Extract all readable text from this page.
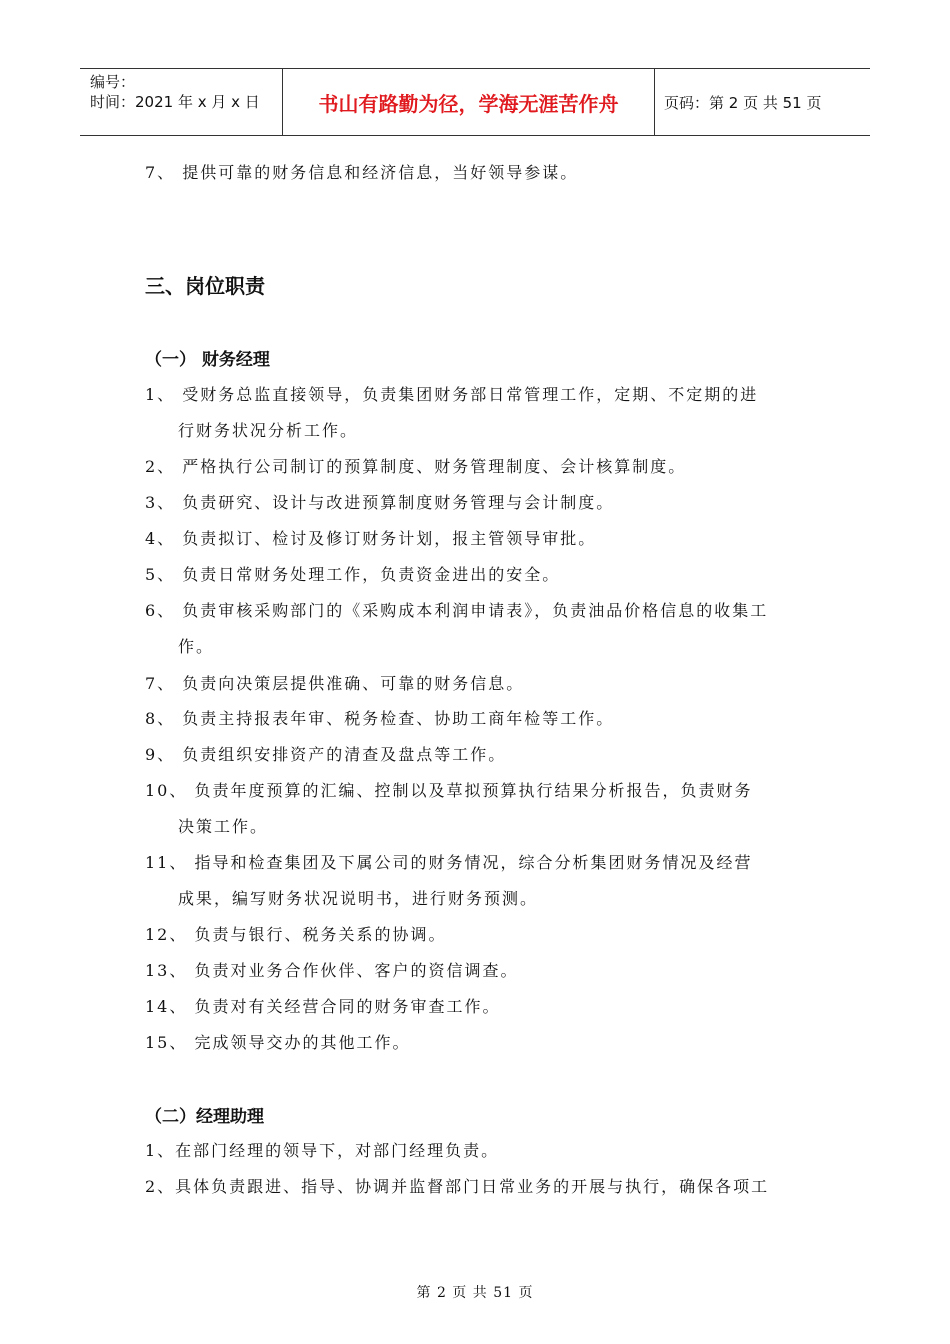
编号：
时间：2021 年 x 月 x 日	书山有路勤为径，学海无涯苦作舟	页码：第 2 页 共 51 页
7、 提供可靠的财务信息和经济信息，当好领导参谋。
三、岗位职责
（一） 财务经理
1、 受财务总监直接领导，负责集团财务部日常管理工作，定期、不定期的进
行财务状况分析工作。
2、 严格执行公司制订的预算制度、财务管理制度、会计核算制度。
3、 负责研究、设计与改进预算制度财务管理与会计制度。
4、 负责拟订、检讨及修订财务计划，报主管领导审批。
5、 负责日常财务处理工作，负责资金进出的安全。
6、 负责审核采购部门的《采购成本利润申请表》，负责油品价格信息的收集工
作。
7、 负责向决策层提供准确、可靠的财务信息。
8、 负责主持报表年审、税务检查、协助工商年检等工作。
9、 负责组织安排资产的清查及盘点等工作。
10、 负责年度预算的汇编、控制以及草拟预算执行结果分析报告，负责财务
决策工作。
11、 指导和检查集团及下属公司的财务情况，综合分析集团财务情况及经营
成果，编写财务状况说明书，进行财务预测。
12、 负责与银行、税务关系的协调。
13、 负责对业务合作伙伴、客户的资信调查。
14、 负责对有关经营合同的财务审查工作。
15、 完成领导交办的其他工作。
（二）经理助理
1、在部门经理的领导下，对部门经理负责。
2、具体负责跟进、指导、协调并监督部门日常业务的开展与执行，确保各项工
第 2 页 共 51 页
